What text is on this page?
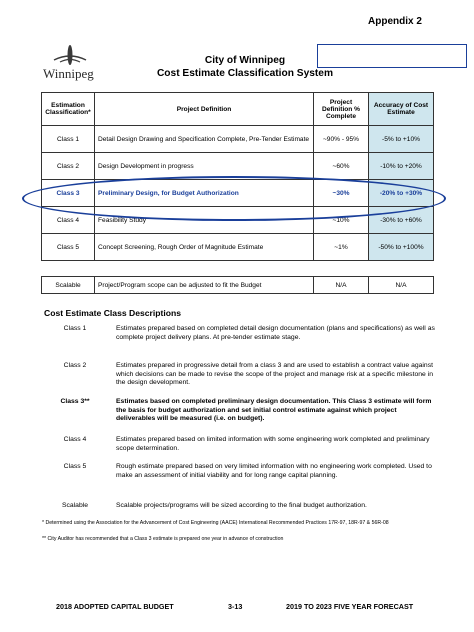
Appendix 2
Winnipeg
City of Winnipeg
Cost Estimate Classification System
Estimation Classification*	Project Definition	Project Definition % Complete	Accuracy of Cost Estimate
Class 1	Detail Design Drawing and Specification Complete, Pre-Tender Estimate	~90% - 95%	-5% to +10%
Class 2	Design Development in progress	~60%	-10% to +20%
Class 3	Preliminary Design, for Budget Authorization	~30%	-20% to +30%
Class 4	Feasibility Study	~10%	-30% to +60%
Class 5	Concept Screening, Rough Order of Magnitude Estimate	~1%	-50% to +100%
Scalable	Project/Program scope can be adjusted to fit the Budget	N/A	N/A
Cost Estimate Class Descriptions
Class 1	Estimates prepared based on completed detail design documentation (plans and specifications) as well as complete project delivery plans. At pre-tender estimate stage.
Class 2	Estimates prepared in progressive detail from a class 3 and are used to establish a contract value against which decisions can be made to revise the scope of the project and manage risk at a specific milestone in the design development.
Class 3**	Estimates based on completed preliminary design documentation. This Class 3 estimate will form the basis for budget authorization and set initial control estimate against which project deliverables will be measured (i.e. on budget).
Class 4	Estimates prepared based on limited information with some engineering work completed and preliminary scope determination.
Class 5	Rough estimate prepared based on very limited information with no engineering work completed. Used to make an assessment of initial viability and for long range capital planning.
Scalable	Scalable projects/programs will be sized according to the final budget authorization.
* Determined using the Association for the Advancement of Cost Engineering (AACE) International Recommended Practices 17R-97, 18R-97 & 56R-08
** City Auditor has recommended that a Class 3 estimate is prepared one year in advance of construction
2018 ADOPTED CAPITAL BUDGET	3-13	2019 TO 2023 FIVE YEAR FORECAST
